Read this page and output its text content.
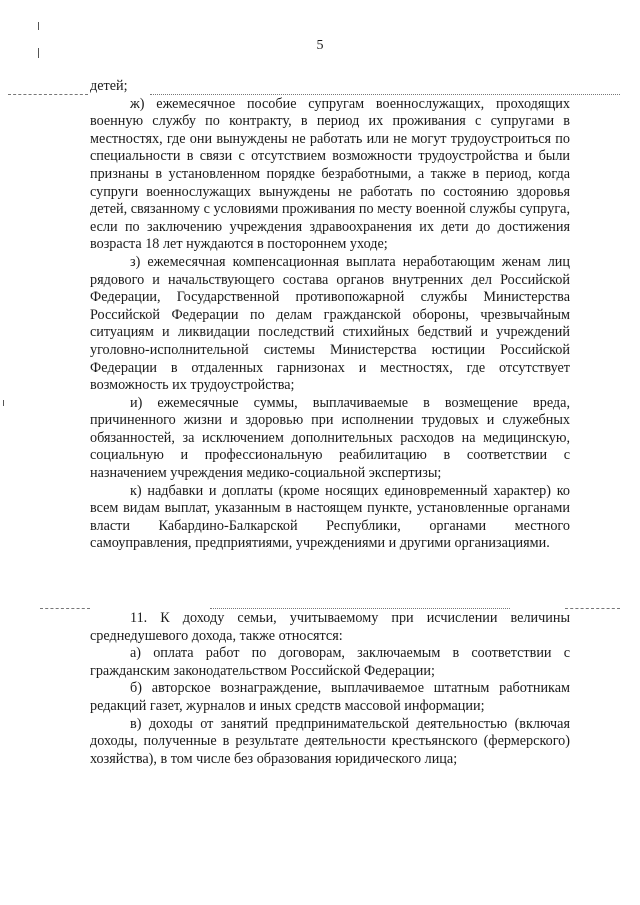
5

детей;

ж) ежемесячное пособие супругам военнослужащих, проходящих военную службу по контракту, в период их проживания с супругами в местностях, где они вынуждены не работать или не могут трудоустроиться по специальности в связи с отсутствием возможности трудоустройства и были признаны в установленном порядке безработными, а также в период, когда супруги военнослужащих вынуждены не работать по состоянию здоровья детей, связанному с условиями проживания по месту военной службы супруга, если по заключению учреждения здравоохранения их дети до достижения возраста 18 лет нуждаются в постороннем уходе;

з) ежемесячная компенсационная выплата неработающим женам лиц рядового и начальствующего состава органов внутренних дел Российской Федерации, Государственной противопожарной службы Министерства Российской Федерации по делам гражданской обороны, чрезвычайным ситуациям и ликвидации последствий стихийных бедствий и учреждений уголовно-исполнительной системы Министерства юстиции Российской Федерации в отдаленных гарнизонах и местностях, где отсутствует возможность их трудоустройства;

и) ежемесячные суммы, выплачиваемые в возмещение вреда, причиненного жизни и здоровью при исполнении трудовых и служебных обязанностей, за исключением дополнительных расходов на медицинскую, социальную и профессиональную реабилитацию в соответствии с назначением учреждения медико-социальной экспертизы;

к) надбавки и доплаты (кроме носящих единовременный характер) ко всем видам выплат, указанным в настоящем пункте, установленные органами власти Кабардино-Балкарской Республики, органами местного самоуправления, предприятиями, учреждениями и другими организациями.

11. К доходу семьи, учитываемому при исчислении величины среднедушевого дохода, также относятся:

а) оплата работ по договорам, заключаемым в соответствии с гражданским законодательством Российской Федерации;

б) авторское вознаграждение, выплачиваемое штатным работникам редакций газет, журналов и иных средств массовой информации;

в) доходы от занятий предпринимательской деятельностью (включая доходы, полученные в результате деятельности крестьянского (фермерского) хозяйства), в том числе без образования юридического лица;
